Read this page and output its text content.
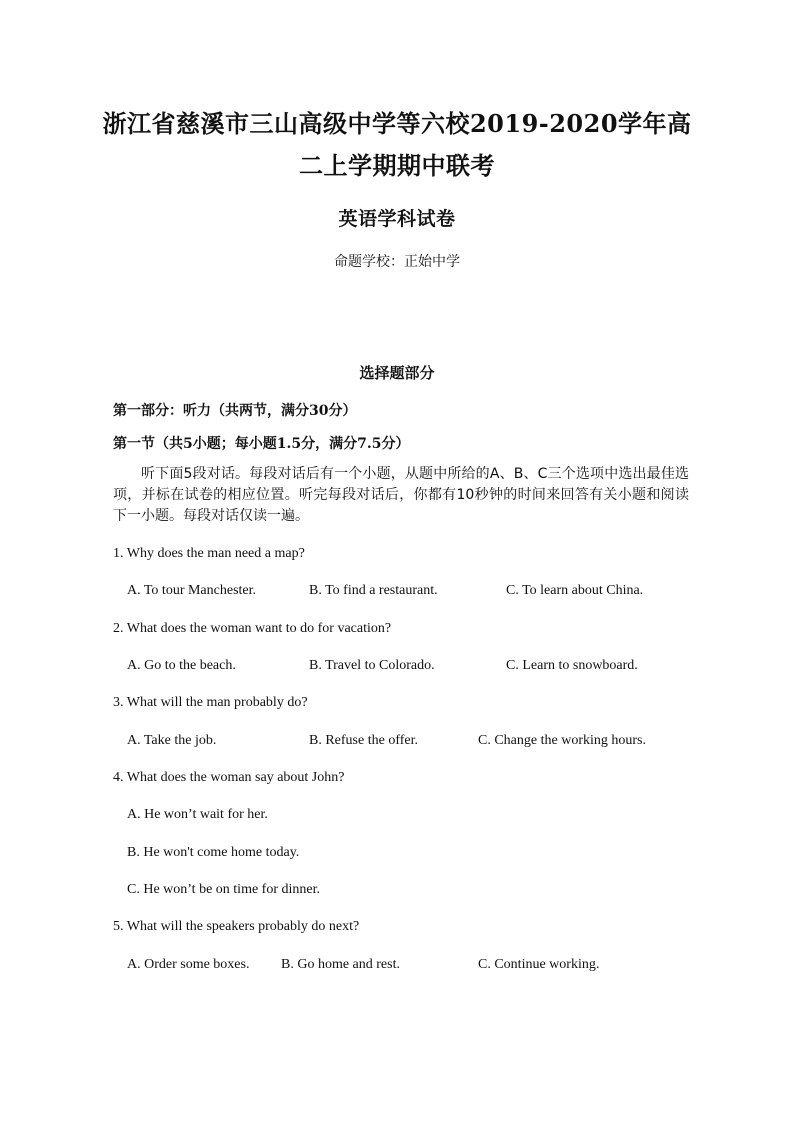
浙江省慈溪市三山高级中学等六校2019-2020学年高
二上学期期中联考
英语学科试卷
命题学校：正始中学
选择题部分
第一部分：听力（共两节，满分30分）
第一节（共5小题；每小题1.5分，满分7.5分）
听下面5段对话。每段对话后有一个小题，从题中所给的A、B、C三个选项中选出最佳选项，并标在试卷的相应位置。听完每段对话后，你都有10秒钟的时间来回答有关小题和阅读下一小题。每段对话仅读一遍。
1. Why does the man need a map?
A. To tour Manchester.	B. To find a restaurant.	C. To learn about China.
2. What does the woman want to do for vacation?
A. Go to the beach.	B. Travel to Colorado.	C. Learn to snowboard.
3. What will the man probably do?
A. Take the job.	B. Refuse the offer.	C. Change the working hours.
4. What does the woman say about John?
A. He won’t wait for her.
B. He won't come home today.
C. He won’t be on time for dinner.
5. What will the speakers probably do next?
A. Order some boxes. B. Go home and rest.	C. Continue working.
